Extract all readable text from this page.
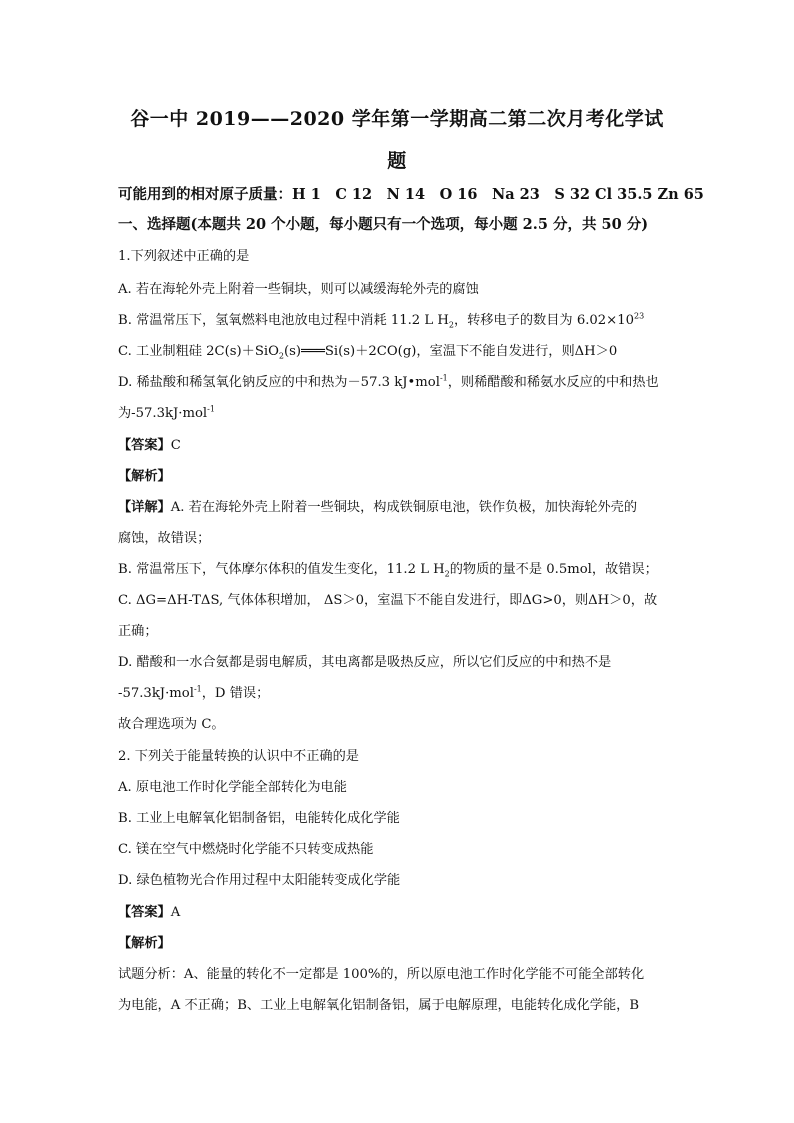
谷一中 2019——2020 学年第一学期高二第二次月考化学试
题
可能用到的相对原子质量：H 1　C 12　N 14　O 16　Na 23　S 32 Cl 35.5 Zn 65
一、选择题(本题共 20 个小题，每小题只有一个选项，每小题 2.5 分，共 50 分)
1.下列叙述中正确的是
A. 若在海轮外壳上附着一些铜块，则可以减缓海轮外壳的腐蚀
B. 常温常压下，氢氧燃料电池放电过程中消耗 11.2 L $H_2$，转移电子的数目为 $6.02\times 10^{23}$
C. 工业制粗硅 2C(s)＋SiO$_2$(s)═══Si(s)＋2CO(g)，室温下不能自发进行，则ΔH＞0
D. 稀盐酸和稀氢氧化钠反应的中和热为－57.3 kJ•mol$^{-1}$，则稀醋酸和稀氨水反应的中和热也
为-57.3kJ·mol$^{-1}$
【答案】C
【解析】
【详解】A. 若在海轮外壳上附着一些铜块，构成铁铜原电池，铁作负极，加快海轮外壳的
腐蚀，故错误；
B. 常温常压下，气体摩尔体积的值发生变化，11.2 L $H_2$的物质的量不是 0.5mol，故错误；
C. ΔG=ΔH-TΔS, 气体体积增加， ΔS＞0，室温下不能自发进行，即ΔG>0，则ΔH＞0，故
正确；
D. 醋酸和一水合氨都是弱电解质，其电离都是吸热反应，所以它们反应的中和热不是
-57.3kJ·mol$^{-1}$，D 错误；
故合理选项为 C。
2. 下列关于能量转换的认识中不正确的是
A. 原电池工作时化学能全部转化为电能
B. 工业上电解氧化铝制备铝，电能转化成化学能
C. 镁在空气中燃烧时化学能不只转变成热能
D. 绿色植物光合作用过程中太阳能转变成化学能
【答案】A
【解析】
试题分析：A、能量的转化不一定都是 100%的，所以原电池工作时化学能不可能全部转化
为电能，A 不正确；B、工业上电解氧化铝制备铝，属于电解原理，电能转化成化学能，B
